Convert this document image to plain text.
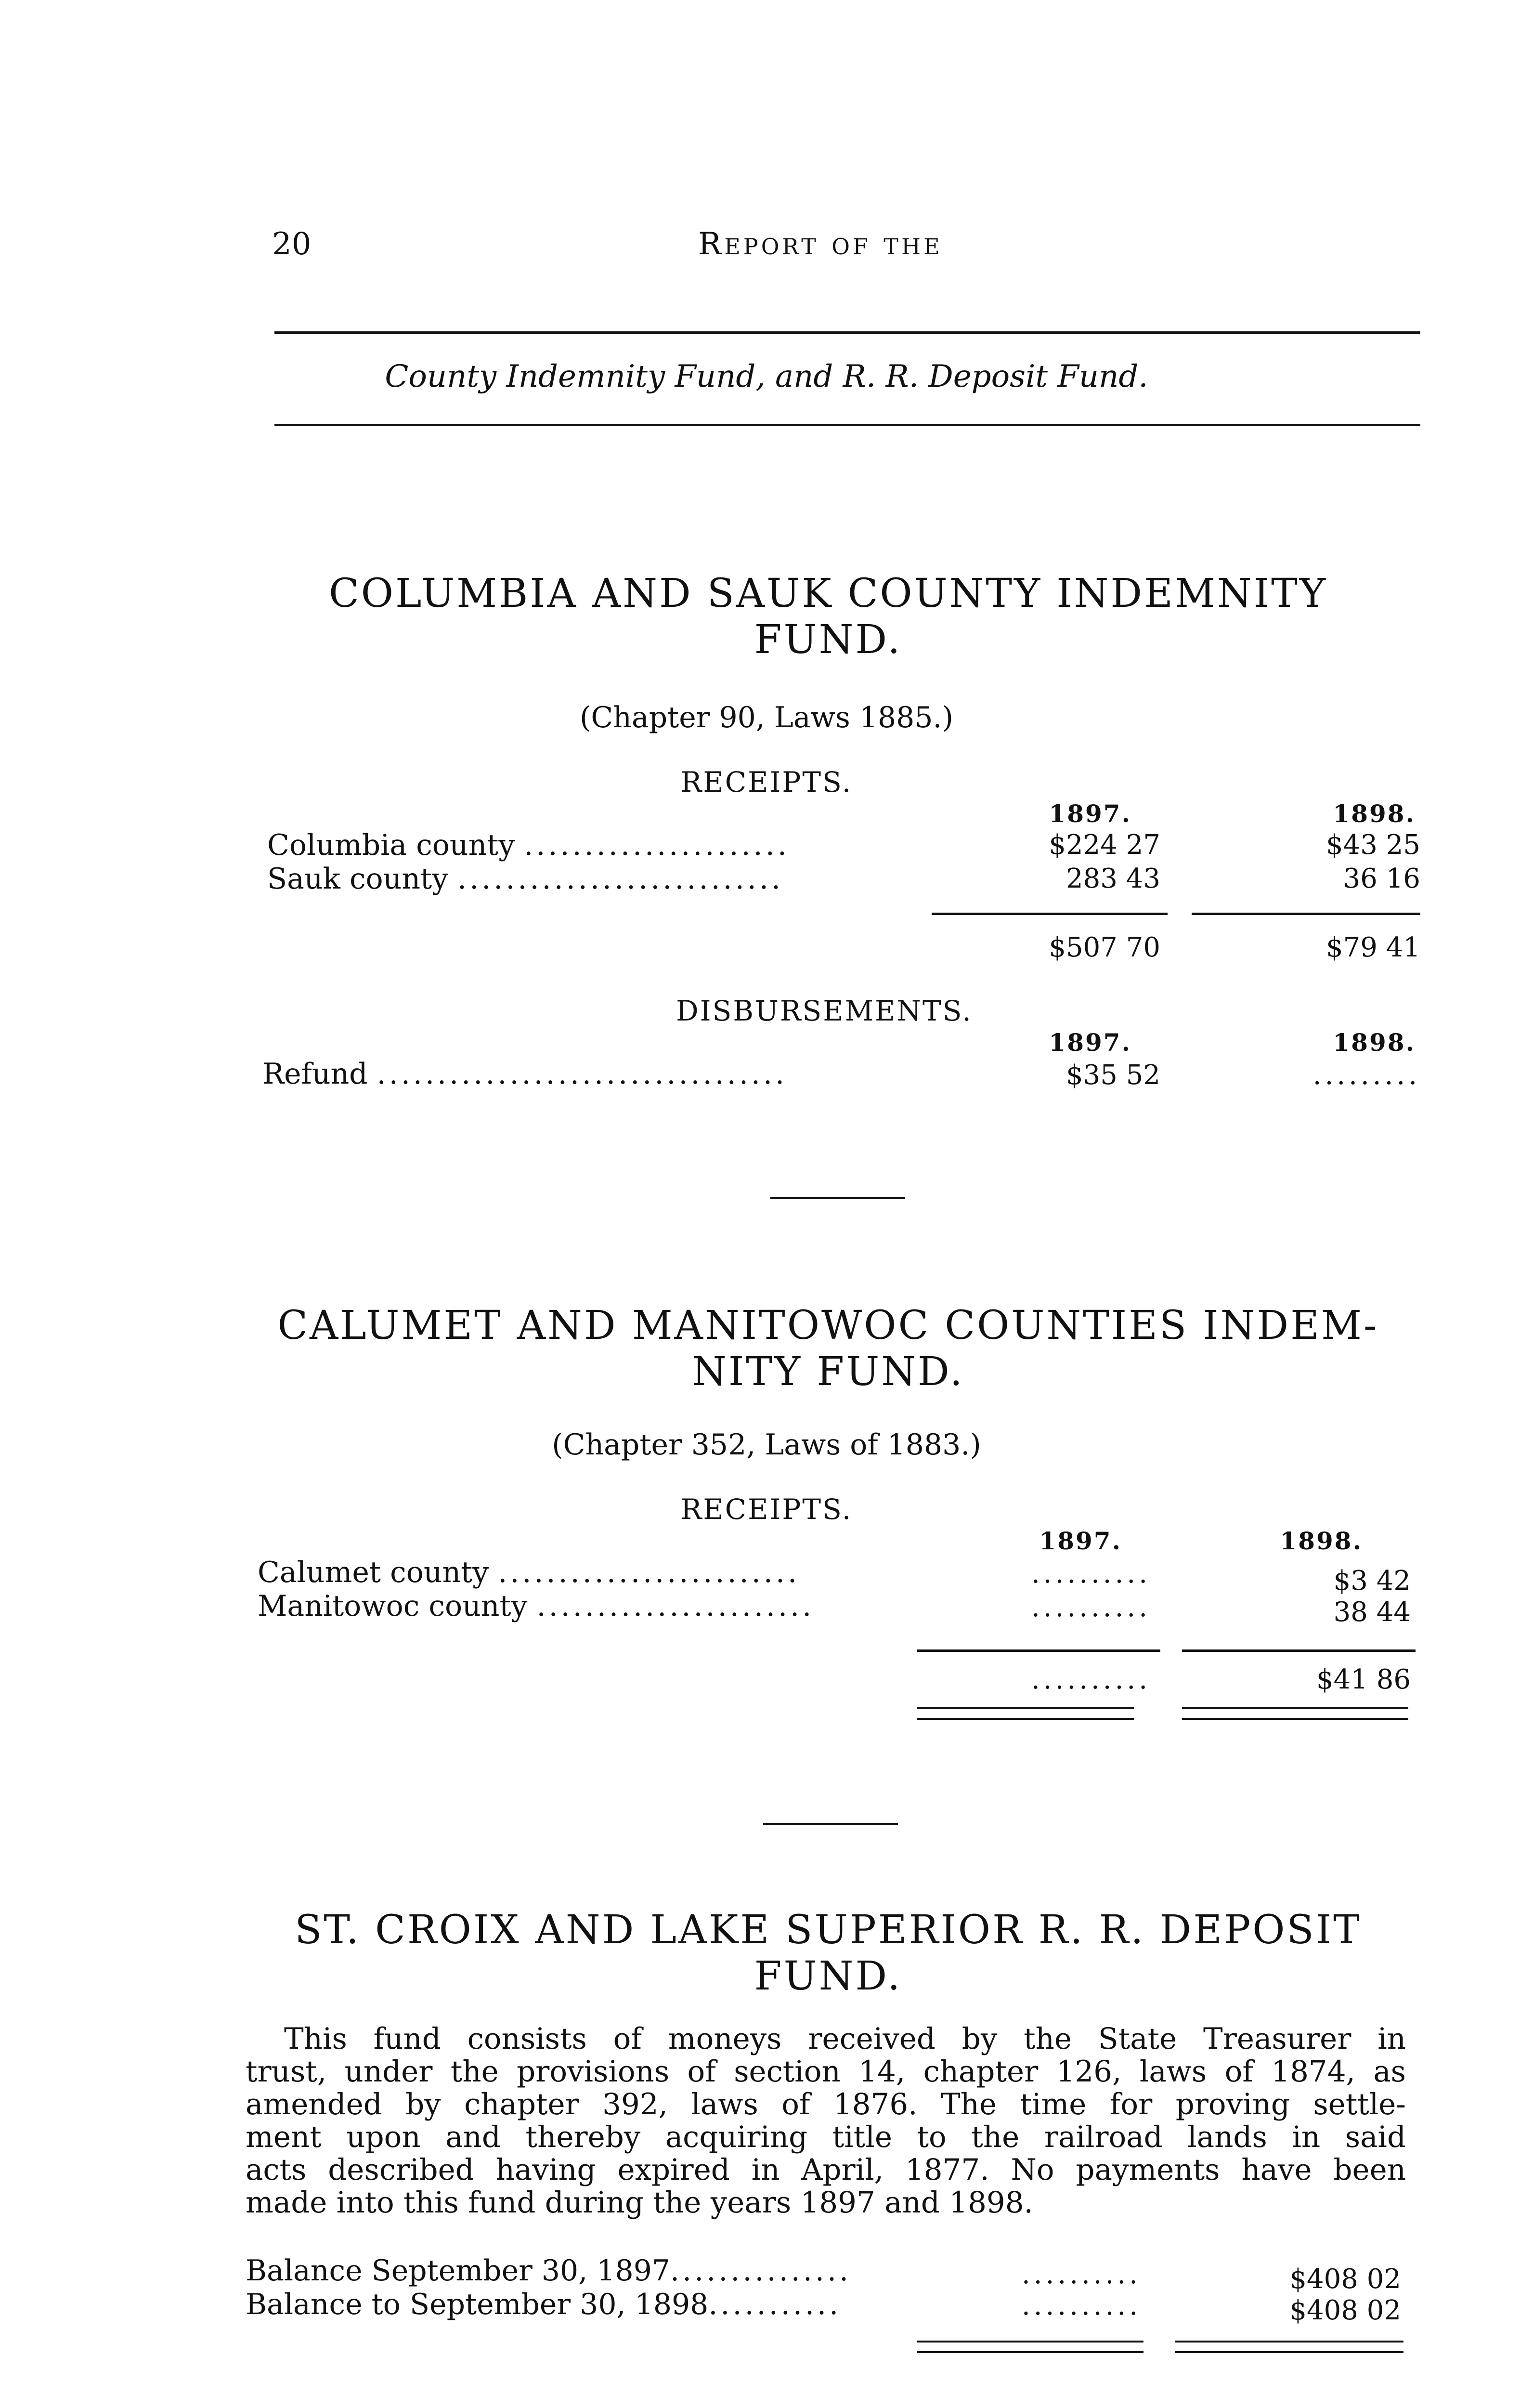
20	REPORT OF THE
County Indemnity Fund, and R. R. Deposit Fund.
COLUMBIA AND SAUK COUNTY INDEMNITY
FUND.
(Chapter 90, Laws 1885.)
RECEIPTS.
1897.	1898.
Columbia county ......................	$224 27	$43 25
Sauk county ...........................	283 43	36 16
$507 70	$79 41
DISBURSEMENTS.
1897.	1898.
Refund ..................................	$35 52	.........
CALUMET AND MANITOWOC COUNTIES INDEM-
NITY FUND.
(Chapter 352, Laws of 1883.)
RECEIPTS.
1897.	1898.
Calumet county .........................	..........	$3 42
Manitowoc county .......................	..........	38 44
..........	$41 86
ST. CROIX AND LAKE SUPERIOR R. R. DEPOSIT
FUND.
This fund consists of moneys received by the State Treasurer in
trust, under the provisions of section 14, chapter 126, laws of 1874, as
amended by chapter 392, laws of 1876. The time for proving settle-
ment upon and thereby acquiring title to the railroad lands in said
acts described having expired in April, 1877. No payments have been
made into this fund during the years 1897 and 1898.
Balance September 30, 1897...............	..........	$408 02
Balance to September 30, 1898...........	..........	$408 02
